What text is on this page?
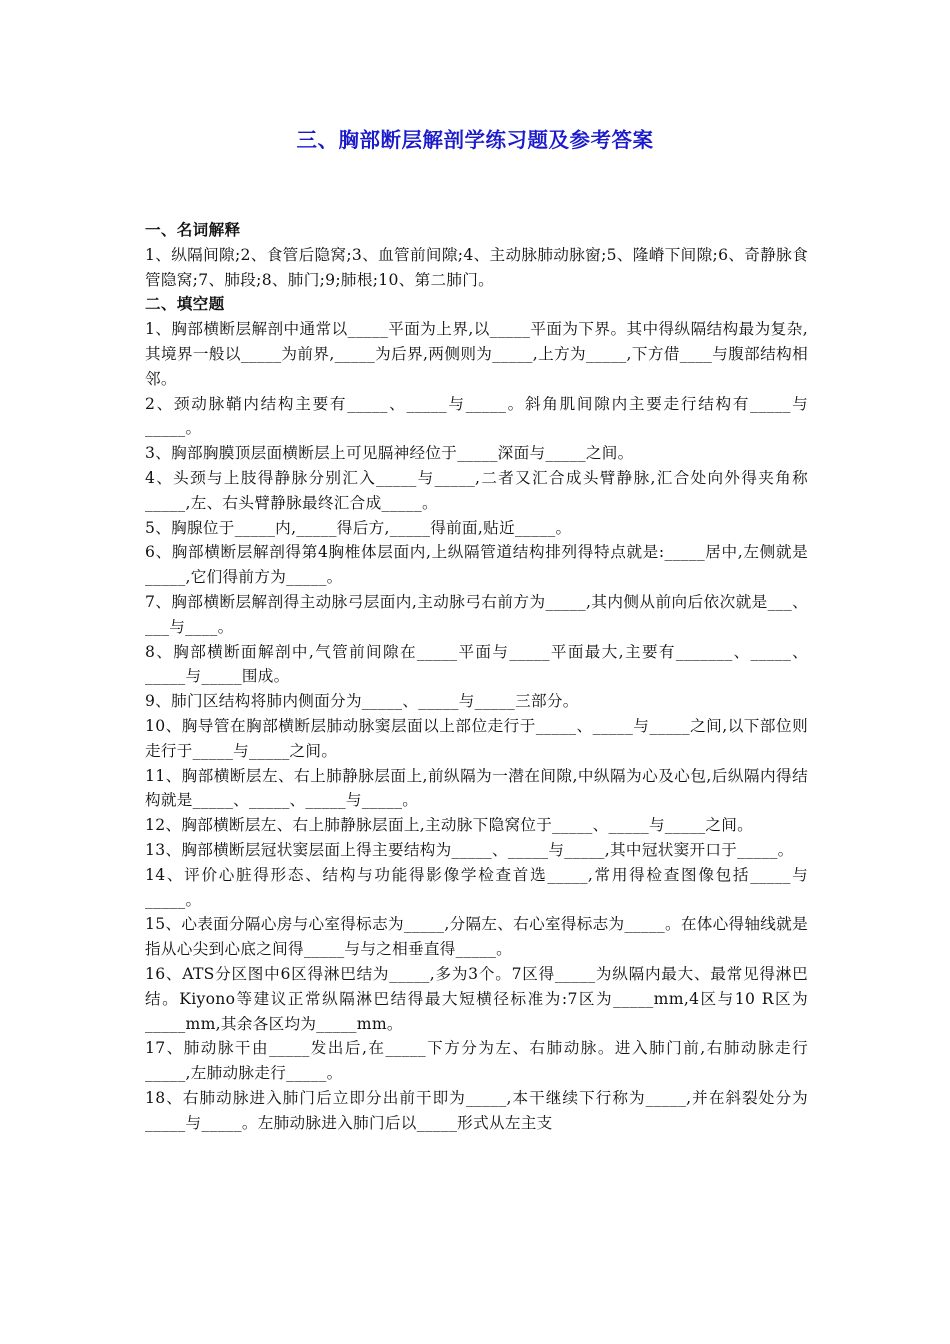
三、胸部断层解剖学练习题及参考答案
一、名词解释

1、纵隔间隙;2、食管后隐窝;3、血管前间隙;4、主动脉肺动脉窗;5、隆嵴下间隙;6、奇静脉食管隐窝;7、肺段;8、肺门;9;肺根;10、第二肺门。

二、填空题

1、胸部横断层解剖中通常以_____平面为上界,以_____平面为下界。其中得纵隔结构最为复杂,其境界一般以_____为前界,_____为后界,两侧则为_____,上方为_____,下方借____与腹部结构相邻。

2、颈动脉鞘内结构主要有_____、_____与_____。斜角肌间隙内主要走行结构有_____与_____。

3、胸部胸膜顶层面横断层上可见膈神经位于_____深面与_____之间。

4、头颈与上肢得静脉分别汇入_____与_____,二者又汇合成头臂静脉,汇合处向外得夹角称_____,左、右头臂静脉最终汇合成_____。

5、胸腺位于_____内,_____得后方,_____得前面,贴近_____。

6、胸部横断层解剖得第4胸椎体层面内,上纵隔管道结构排列得特点就是:_____居中,左侧就是_____,它们得前方为_____。

7、胸部横断层解剖得主动脉弓层面内,主动脉弓右前方为_____,其内侧从前向后依次就是___、___与____。

8、胸部横断面解剖中,气管前间隙在_____平面与_____平面最大,主要有_______、_____、_____与_____围成。

9、肺门区结构将肺内侧面分为_____、_____与_____三部分。

10、胸导管在胸部横断层肺动脉窦层面以上部位走行于_____、_____与_____之间,以下部位则走行于_____与_____之间。

11、胸部横断层左、右上肺静脉层面上,前纵隔为一潜在间隙,中纵隔为心及心包,后纵隔内得结构就是_____、_____、_____与_____。

12、胸部横断层左、右上肺静脉层面上,主动脉下隐窝位于_____、_____与_____之间。

13、胸部横断层冠状窦层面上得主要结构为_____、_____与_____,其中冠状窦开口于_____。

14、评价心脏得形态、结构与功能得影像学检查首选_____,常用得检查图像包括_____与_____。

15、心表面分隔心房与心室得标志为_____,分隔左、右心室得标志为_____。在体心得轴线就是指从心尖到心底之间得_____与与之相垂直得_____。

16、ATS分区图中6区得淋巴结为_____,多为3个。7区得_____为纵隔内最大、最常见得淋巴结。Kiyono等建议正常纵隔淋巴结得最大短横径标准为:7区为_____mm,4区与10 R区为_____mm,其余各区均为_____mm。

17、肺动脉干由_____发出后,在_____下方分为左、右肺动脉。进入肺门前,右肺动脉走行_____,左肺动脉走行_____。

18、右肺动脉进入肺门后立即分出前干即为_____,本干继续下行称为_____,并在斜裂处分为_____与_____。左肺动脉进入肺门后以_____形式从左主支
